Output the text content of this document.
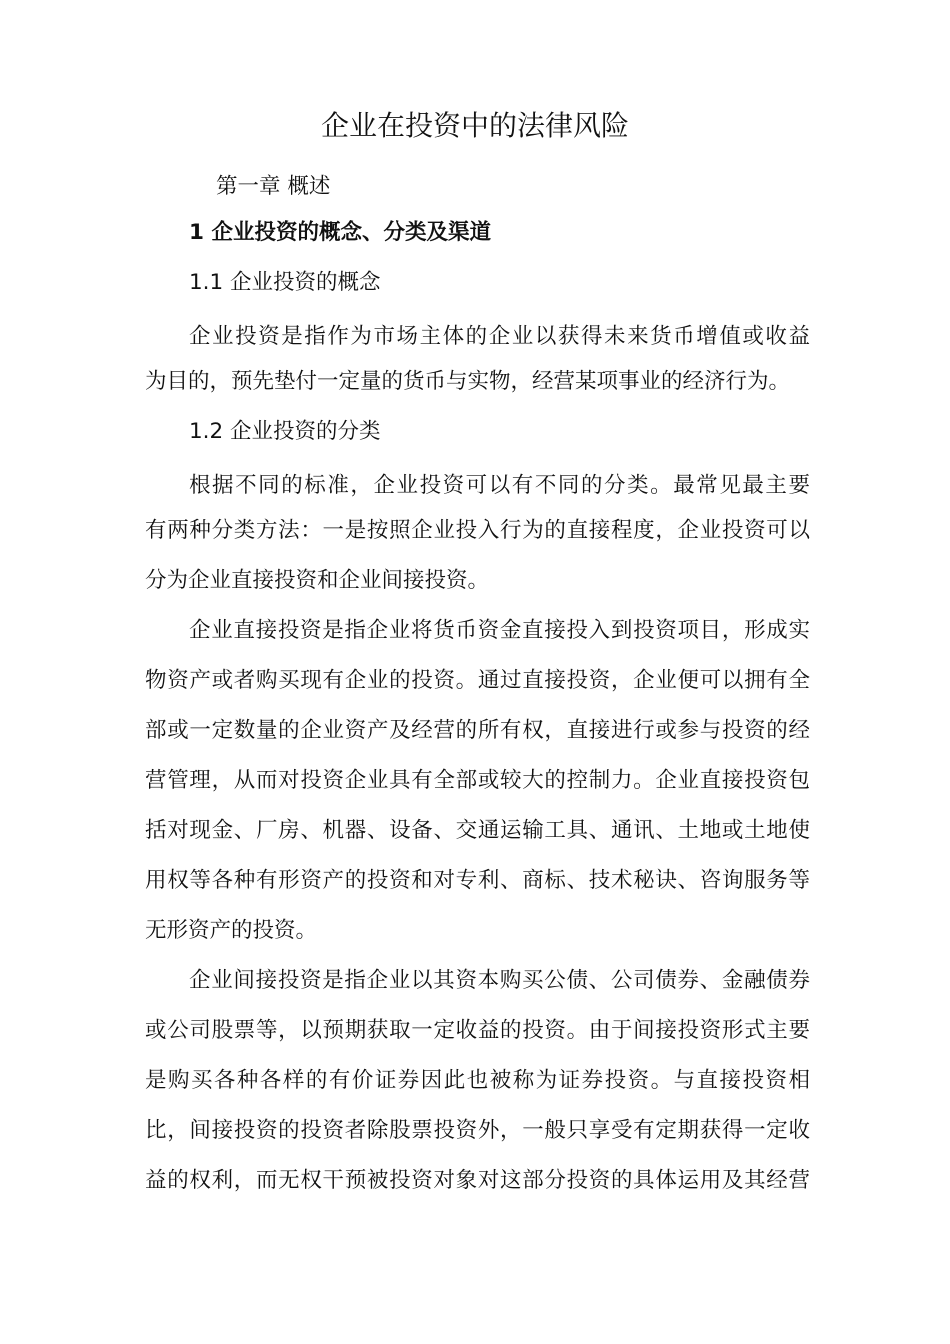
企业在投资中的法律风险
第一章 概述
1 企业投资的概念、分类及渠道
1.1 企业投资的概念
企业投资是指作为市场主体的企业以获得未来货币增值或收益
为目的，预先垫付一定量的货币与实物，经营某项事业的经济行为。
1.2 企业投资的分类
根据不同的标准，企业投资可以有不同的分类。最常见最主要
有两种分类方法：一是按照企业投入行为的直接程度，企业投资可以
分为企业直接投资和企业间接投资。
企业直接投资是指企业将货币资金直接投入到投资项目，形成实
物资产或者购买现有企业的投资。通过直接投资，企业便可以拥有全
部或一定数量的企业资产及经营的所有权，直接进行或参与投资的经
营管理，从而对投资企业具有全部或较大的控制力。企业直接投资包
括对现金、厂房、机器、设备、交通运输工具、通讯、土地或土地使
用权等各种有形资产的投资和对专利、商标、技术秘诀、咨询服务等
无形资产的投资。
企业间接投资是指企业以其资本购买公债、公司债券、金融债券
或公司股票等，以预期获取一定收益的投资。由于间接投资形式主要
是购买各种各样的有价证券因此也被称为证券投资。与直接投资相
比，间接投资的投资者除股票投资外，一般只享受有定期获得一定收
益的权利，而无权干预被投资对象对这部分投资的具体运用及其经营
